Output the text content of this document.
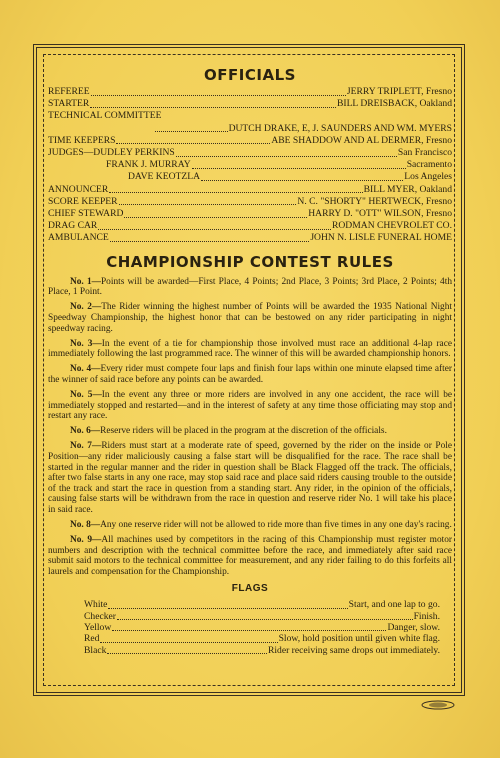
OFFICIALS
REFEREE	JERRY TRIPLETT, Fresno
STARTER	BILL DREISBACK, Oakland
TECHNICAL COMMITTEE
DUTCH DRAKE, E, J. SAUNDERS AND WM. MYERS
TIME KEEPERS	ABE SHADDOW AND AL DERMER, Fresno
JUDGES—DUDLEY PERKINS	San Francisco
FRANK J. MURRAY	Sacramento
DAVE KEOTZLA	Los Angeles
ANNOUNCER	BILL MYER, Oakland
SCORE KEEPER	N. C. "SHORTY" HERTWECK, Fresno
CHIEF STEWARD	HARRY D. "OTT" WILSON, Fresno
DRAG CAR	RODMAN CHEVROLET CO.
AMBULANCE	JOHN N. LISLE FUNERAL HOME
CHAMPIONSHIP CONTEST RULES

No. 1—Points will be awarded—First Place, 4 Points; 2nd Place, 3 Points; 3rd Place, 2 Points; 4th Place, 1 Point.

No. 2—The Rider winning the highest number of Points will be awarded the 1935 National Night Speedway Championship, the highest honor that can be bestowed on any rider participating in night speedway racing.

No. 3—In the event of a tie for championship those involved must race an additional 4-lap race immediately following the last programmed race. The winner of this will be awarded championship honors.

No. 4—Every rider must compete four laps and finish four laps within one minute elapsed time after the winner of said race before any points can be awarded.

No. 5—In the event any three or more riders are involved in any one accident, the race will be immediately stopped and restarted—and in the interest of safety at any time those officiating may stop and restart any race.

No. 6—Reserve riders will be placed in the program at the discretion of the officials.

No. 7—Riders must start at a moderate rate of speed, governed by the rider on the inside or Pole Position—any rider maliciously causing a false start will be disqualified for the race. The race shall be started in the regular manner and the rider in question shall be Black Flagged off the track. The officials, after two false starts in any one race, may stop said race and place said riders causing trouble to the outside of the track and start the race in question from a standing start. Any rider, in the opinion of the officials, causing false starts will be withdrawn from the race in question and reserve rider No. 1 will take his place in said race.

No. 8—Any one reserve rider will not be allowed to ride more than five times in any one day's racing.

No. 9—All machines used by competitors in the racing of this Championship must register motor numbers and description with the technical committee before the race, and immediately after said race submit said motors to the technical committee for measurement, and any rider failing to do this forfeits all laurels and compensation for the Championship.

FLAGS
White	Start, and one lap to go.
Checker	Finish.
Yellow	Danger, slow.
Red	Slow, hold position until given white flag.
Black	Rider receiving same drops out immediately.
